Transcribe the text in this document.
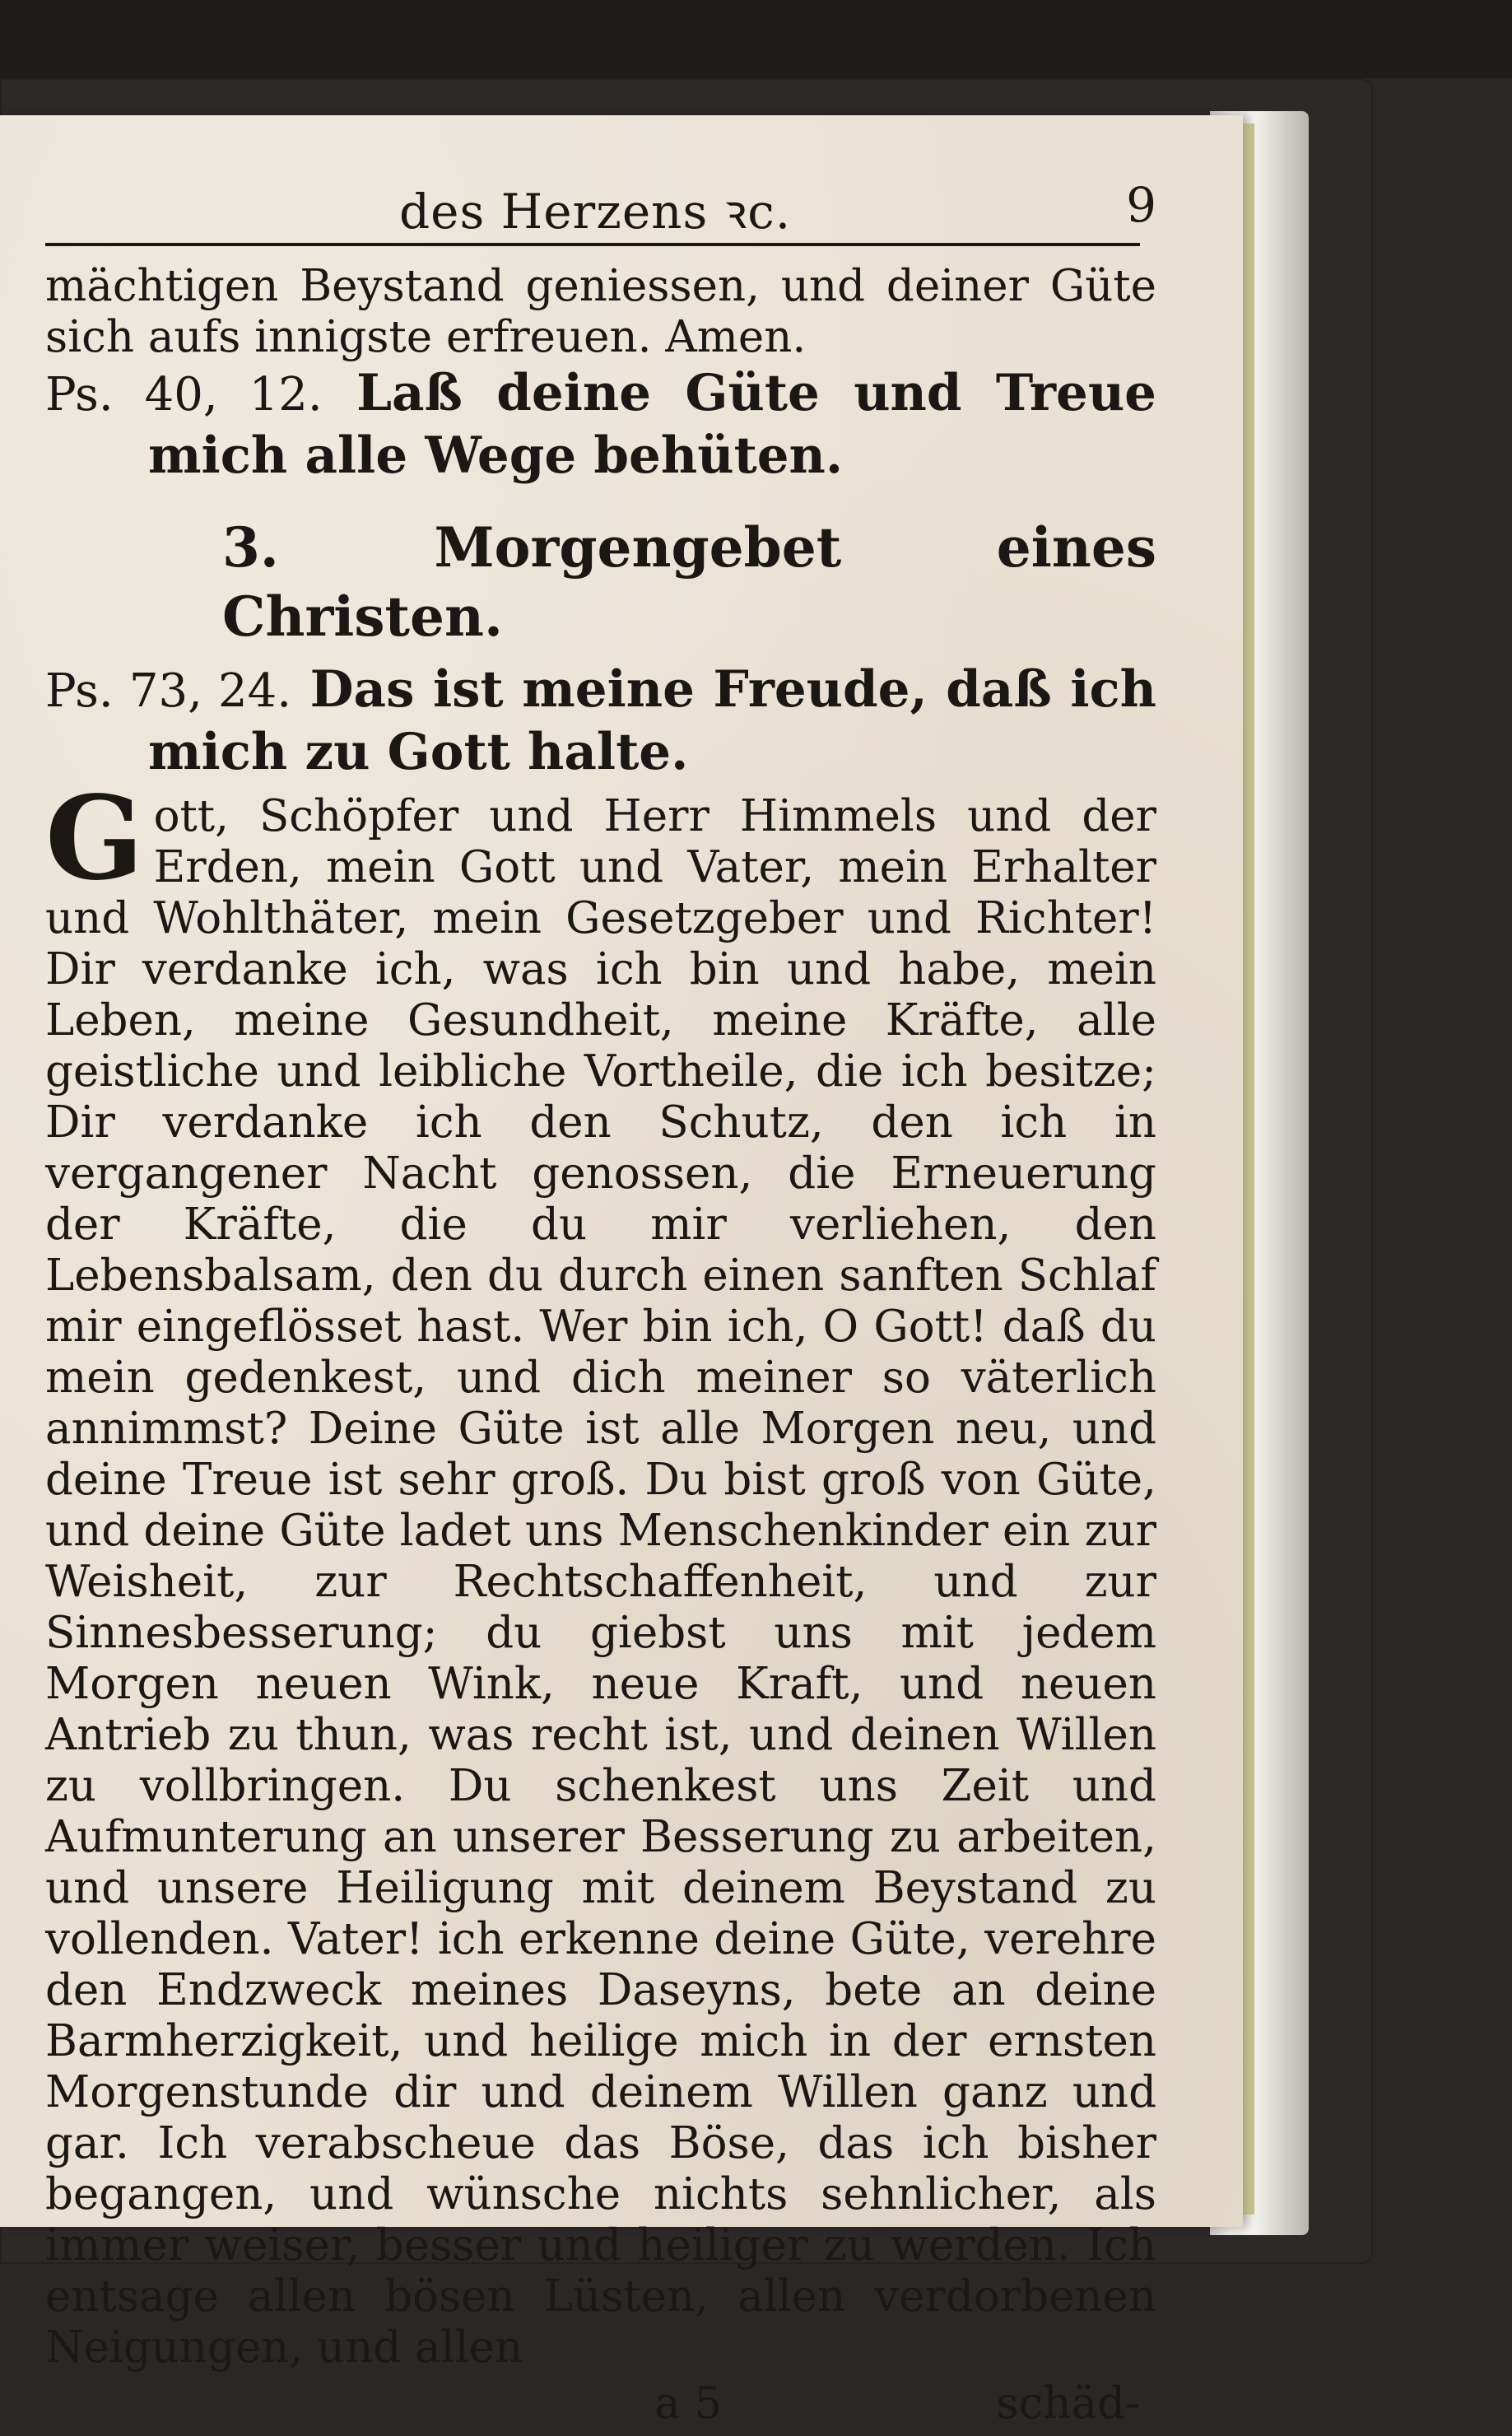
des Herzens ꝛc.	9

mächtigen Beystand geniessen, und deiner Güte sich aufs innigste erfreuen. Amen.

Ps. 40, 12. Laß deine Güte und Treue mich alle Wege behüten.

3. Morgengebet eines Christen.

Ps. 73, 24. Das ist meine Freude, daß ich mich zu Gott halte.

Gott, Schöpfer und Herr Himmels und der Erden, mein Gott und Vater, mein Erhalter und Wohlthäter, mein Gesetzgeber und Richter! Dir verdanke ich, was ich bin und habe, mein Leben, meine Gesundheit, meine Kräfte, alle geistliche und leibliche Vortheile, die ich besitze; Dir verdanke ich den Schutz, den ich in vergangener Nacht genossen, die Erneuerung der Kräfte, die du mir verliehen, den Lebensbalsam, den du durch einen sanften Schlaf mir eingeflösset hast. Wer bin ich, O Gott! daß du mein gedenkest, und dich meiner so väterlich annimmst? Deine Güte ist alle Morgen neu, und deine Treue ist sehr groß. Du bist groß von Güte, und deine Güte ladet uns Menschenkinder ein zur Weisheit, zur Rechtschaffenheit, und zur Sinnesbesserung; du giebst uns mit jedem Morgen neuen Wink, neue Kraft, und neuen Antrieb zu thun, was recht ist, und deinen Willen zu vollbringen. Du schenkest uns Zeit und Aufmunterung an unserer Besserung zu arbeiten, und unsere Heiligung mit deinem Beystand zu vollenden. Vater! ich erkenne deine Güte, verehre den Endzweck meines Daseyns, bete an deine Barmherzigkeit, und heilige mich in der ernsten Morgenstunde dir und deinem Willen ganz und gar. Ich verabscheue das Böse, das ich bisher begangen, und wünsche nichts sehnlicher, als immer weiser, besser und heiliger zu werden. Ich entsage allen bösen Lüsten, allen verdorbenen Neigungen, und allen

a 5	schäd-
